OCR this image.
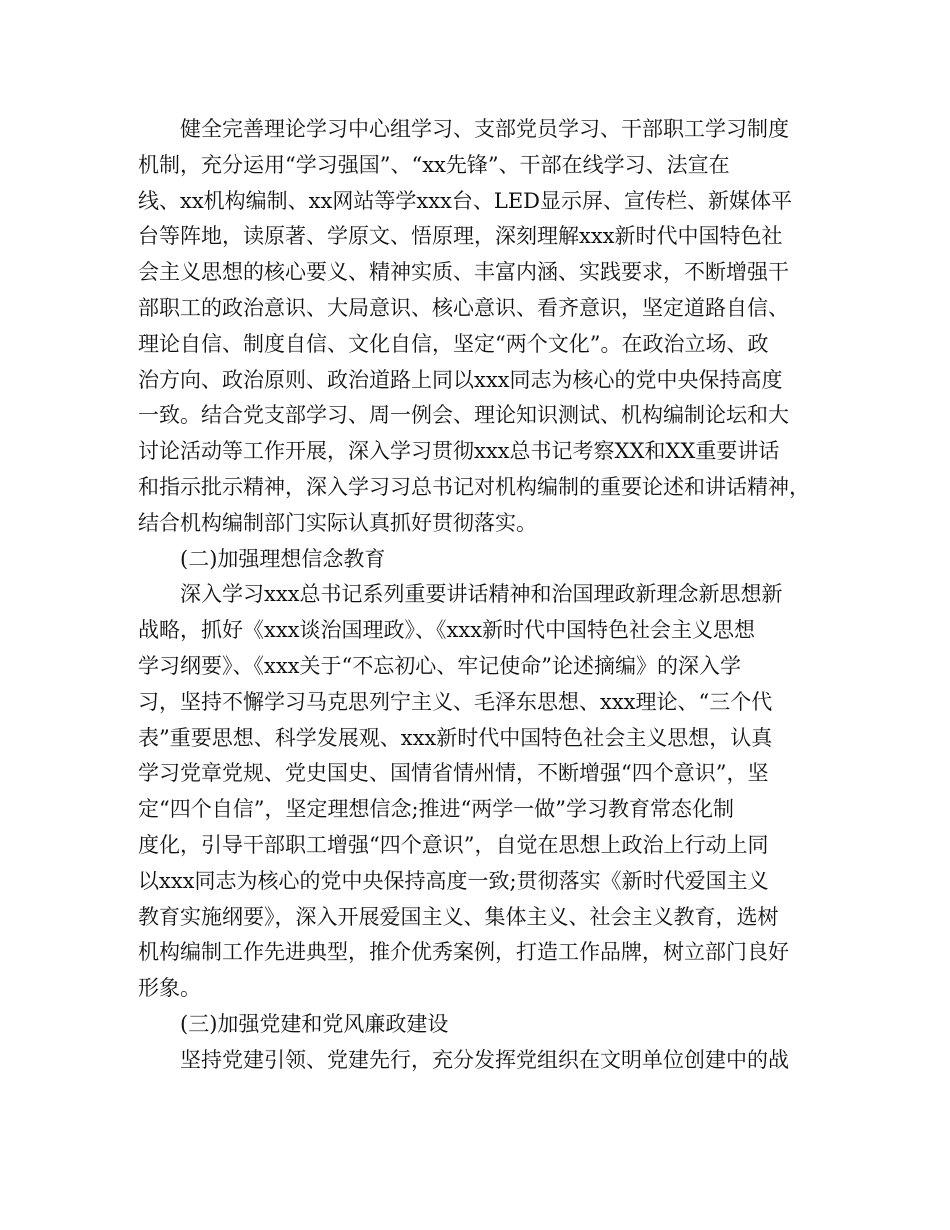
健全完善理论学习中心组学习、支部党员学习、干部职工学习制度
机制，充分运用“学习强国”、“xx先锋”、干部在线学习、法宣在
线、xx机构编制、xx网站等学xxx台、LED显示屏、宣传栏、新媒体平
台等阵地，读原著、学原文、悟原理，深刻理解xxx新时代中国特色社
会主义思想的核心要义、精神实质、丰富内涵、实践要求，不断增强干
部职工的政治意识、大局意识、核心意识、看齐意识，坚定道路自信、
理论自信、制度自信、文化自信，坚定“两个文化”。在政治立场、政
治方向、政治原则、政治道路上同以xxx同志为核心的党中央保持高度
一致。结合党支部学习、周一例会、理论知识测试、机构编制论坛和大
讨论活动等工作开展，深入学习贯彻xxx总书记考察XX和XX重要讲话
和指示批示精神，深入学习习总书记对机构编制的重要论述和讲话精神，
结合机构编制部门实际认真抓好贯彻落实。
(二)加强理想信念教育
深入学习xxx总书记系列重要讲话精神和治国理政新理念新思想新
战略，抓好《xxx谈治国理政》、《xxx新时代中国特色社会主义思想
学习纲要》、《xxx关于“不忘初心、牢记使命”论述摘编》的深入学
习，坚持不懈学习马克思列宁主义、毛泽东思想、xxx理论、“三个代
表”重要思想、科学发展观、xxx新时代中国特色社会主义思想，认真
学习党章党规、党史国史、国情省情州情，不断增强“四个意识”，坚
定“四个自信”，坚定理想信念;推进“两学一做”学习教育常态化制
度化，引导干部职工增强“四个意识”，自觉在思想上政治上行动上同
以xxx同志为核心的党中央保持高度一致;贯彻落实《新时代爱国主义
教育实施纲要》，深入开展爱国主义、集体主义、社会主义教育，选树
机构编制工作先进典型，推介优秀案例，打造工作品牌，树立部门良好
形象。
(三)加强党建和党风廉政建设
坚持党建引领、党建先行，充分发挥党组织在文明单位创建中的战
